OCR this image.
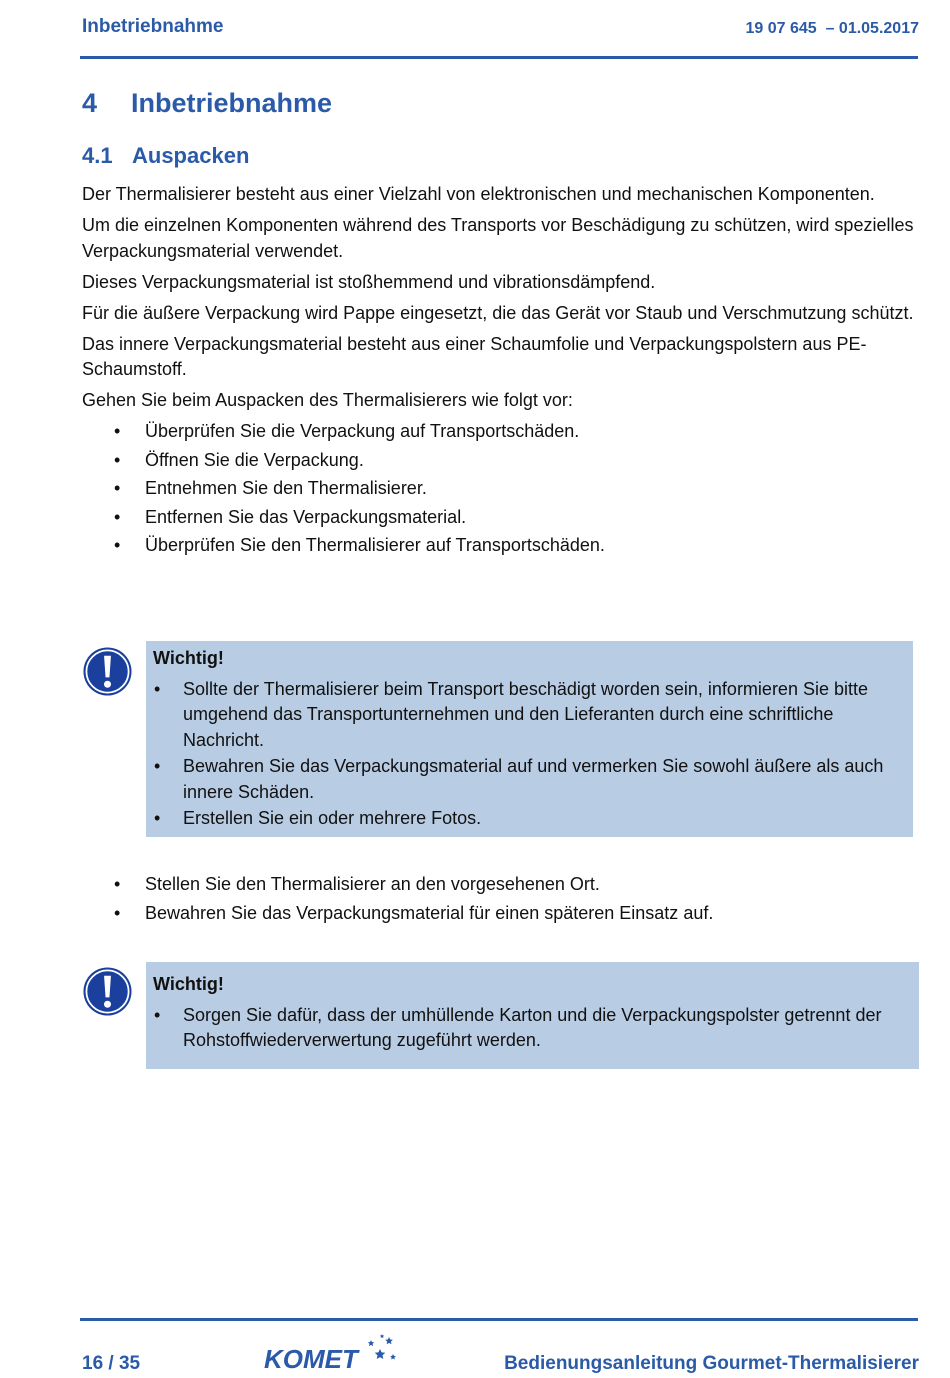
Inbetriebnahme	19 07 645  – 01.05.2017
4 Inbetriebnahme
4.1 Auspacken

Der Thermalisierer besteht aus einer Vielzahl von elektronischen und mechanischen Komponenten.

Um die einzelnen Komponenten während des Transports vor Beschädigung zu schützen, wird spezielles Verpackungsmaterial verwendet.

Dieses Verpackungsmaterial ist stoßhemmend und vibrationsdämpfend.

Für die äußere Verpackung wird Pappe eingesetzt, die das Gerät vor Staub und Verschmutzung schützt.

Das innere Verpackungsmaterial besteht aus einer Schaumfolie und Verpackungspolstern aus PE-Schaumstoff.

Gehen Sie beim Auspacken des Thermalisierers wie folgt vor:

• Überprüfen Sie die Verpackung auf Transportschäden.
• Öffnen Sie die Verpackung.
• Entnehmen Sie den Thermalisierer.
• Entfernen Sie das Verpackungsmaterial.
• Überprüfen Sie den Thermalisierer auf Transportschäden.
Wichtig!
• Sollte der Thermalisierer beim Transport beschädigt worden sein, informieren Sie bitte umgehend das Transportunternehmen und den Lieferanten durch eine schriftliche Nachricht.
• Bewahren Sie das Verpackungsmaterial auf und vermerken Sie sowohl äußere als auch innere Schäden.
• Erstellen Sie ein oder mehrere Fotos.
• Stellen Sie den Thermalisierer an den vorgesehenen Ort.
• Bewahren Sie das Verpackungsmaterial für einen späteren Einsatz auf.
Wichtig!
• Sorgen Sie dafür, dass der umhüllende Karton und die Verpackungspolster getrennt der Rohstoffwiederverwertung zugeführt werden.
16 / 35	KOMET	Bedienungsanleitung Gourmet-Thermalisierer
